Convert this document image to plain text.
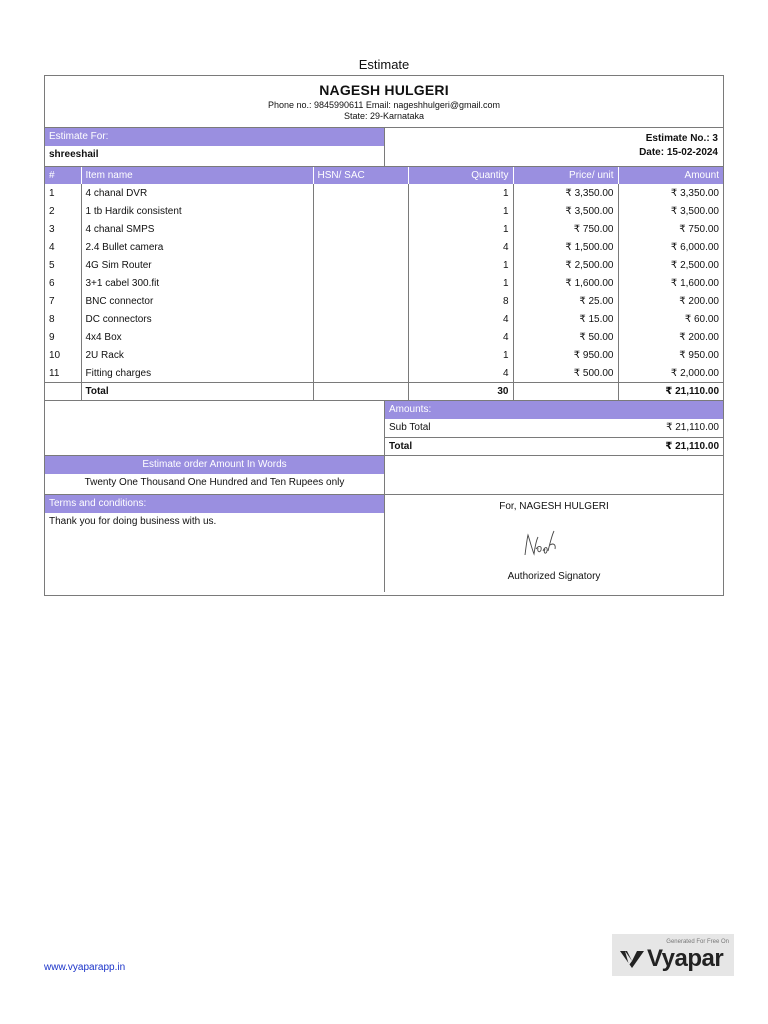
Estimate
NAGESH HULGERI
Phone no.: 9845990611 Email: nageshhulgeri@gmail.com
State: 29-Karnataka
Estimate For:
shreeshail
Estimate No.: 3
Date: 15-02-2024
#	Item name	HSN/ SAC	Quantity	Price/ unit	Amount
1	4 chanal DVR		1	₹ 3,350.00	₹ 3,350.00
2	1 tb Hardik consistent		1	₹ 3,500.00	₹ 3,500.00
3	4 chanal SMPS		1	₹ 750.00	₹ 750.00
4	2.4 Bullet camera		4	₹ 1,500.00	₹ 6,000.00
5	4G Sim Router		1	₹ 2,500.00	₹ 2,500.00
6	3+1 cabel 300.fit		1	₹ 1,600.00	₹ 1,600.00
7	BNC connector		8	₹ 25.00	₹ 200.00
8	DC connectors		4	₹ 15.00	₹ 60.00
9	4x4 Box		4	₹ 50.00	₹ 200.00
10	2U Rack		1	₹ 950.00	₹ 950.00
11	Fitting charges		4	₹ 500.00	₹ 2,000.00
	Total		30		₹ 21,110.00
Amounts:
Sub Total	₹ 21,110.00
Total	₹ 21,110.00
Estimate order Amount In Words
Twenty One Thousand One Hundred and Ten Rupees only
Terms and conditions:
Thank you for doing business with us.
For, NAGESH HULGERI
Authorized Signatory
www.vyaparapp.in
Generated For Free On
Vyapar
